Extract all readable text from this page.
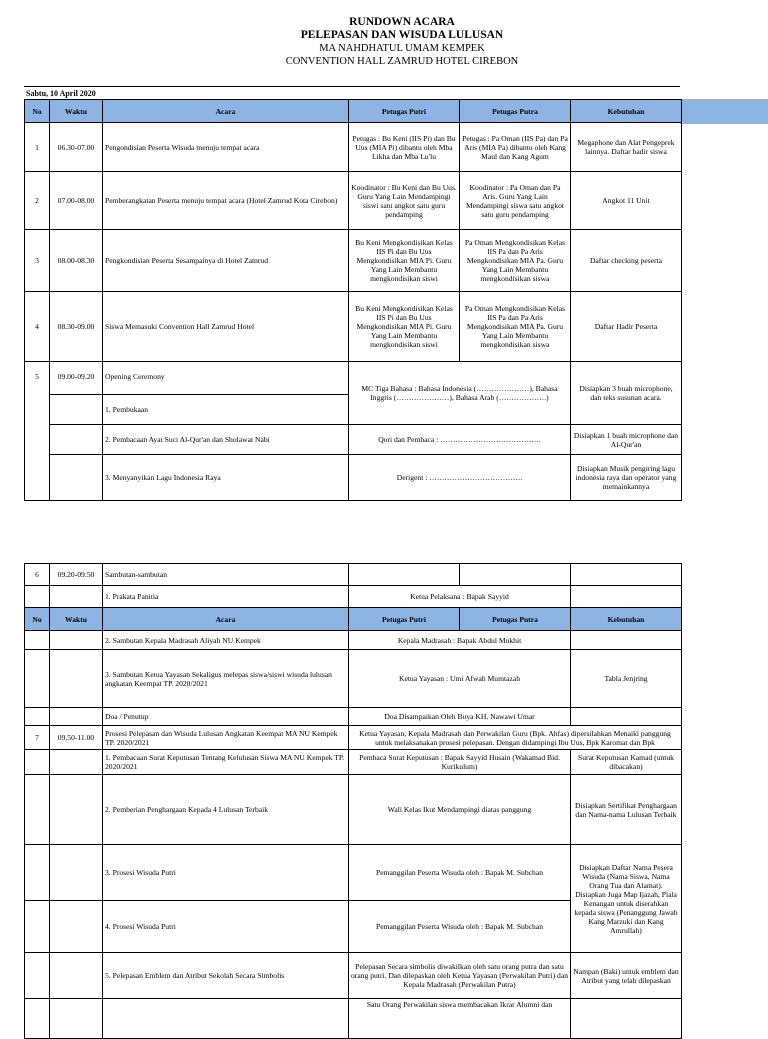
RUNDOWN ACARA
PELEPASAN DAN WISUDA LULUSAN
MA NAHDHATUL UMAM KEMPEK
CONVENTION HALL ZAMRUD HOTEL CIREBON
Sabtu, 10 April 2020
No	Waktu	Acara	Petugas Putri	Petugas Putra	Kebutuhan
1	06.30-07.00	Pengondisian Peserta Wisuda menuju tempat acara	Petugas : Bu Keni (IIS Pi) dan Bu Uus (MIA Pi) dibantu oleh Mba Likha dan Mba Lu'lu	Petugas : Pa Oman (IIS Pa) dan Pa Aris (MIA Pa) dibantu oleh Kang Maul dan Kang Agum	Megaphone dan Alat Pengeprek lainnya. Daftar hadir siswa
2	07.00-08.00	Pemberangkatan Peserta menuju tempat acara (Hotel Zamrud Kota Cirebon)	Koodinator : Bu Keni dan Bu Uus. Guru Yang Lain Mendampingi siswi satu angkot satu guru pendamping	Koodinator : Pa Oman dan Pa Aris. Guru Yang Lain Mendampingi siswa satu angkot satu guru pendamping	Angkot 11 Unit
3	08.00-08.30	Pengkondisian Peserta Sesampainya di Hotel Zamrud	Bu Keni Mengkondisikan Kelas IIS Pi dan Bu Uus Mengkondisikan MIA Pi. Guru Yang Lain Membantu mengkondisikan siswi	Pa Oman Mengkondisikan Kelas IIS Pa dan Pa Aris Mengkondisikan MIA Pa. Guru Yang Lain Membantu mengkondisikan siswa	Daftar checking peserta
4	08.30-09.00	Siswa Memasuki Convention Hall Zamrud Hotel	Bu Keni Mengkondisikan Kelas IIS Pi dan Bu Uus Mengkondisikan MIA Pi. Guru Yang Lain Membantu mengkondisikan siswi	Pa Oman Mengkondisikan Kelas IIS Pa dan Pa Aris Mengkondisikan MIA Pa. Guru Yang Lain Membantu mengkondisikan siswa	Daftar Hadir Peserta
5	09.00-09.20	Opening Ceremony	MC Tiga Bahasa : Bahasa Indonesia (…………………), Bahasa Inggris (…………………), Bahasa Arab (……………….)		Disiapkan 3 buah microphone, dan teks susunan acara.
		1. Pembukaan			
		2. Pembacaan Ayat Suci Al-Qur'an dan Sholawat Nabi	Qori dan Pembaca : ………………………………….		Disiapkan 1 buah microphone dan Al-Qur'an
		3. Menyanyikan Lagu Indonesia Raya	Derigent : ……………………………….		Disiapkan Musik pengiring lagu indonesia raya dan operator yang memainkannya
6	09.20-09.50	Sambutan-sambutan			
		1. Prakata Panitia	Ketua Pelaksana : Bapak Sayyid		
No	Waktu	Acara	Petugas Putri	Petugas Putra	Kebutuhan
		2. Sambutan Kepala Madrasah Aliyah NU Kempek	Kepala Madrasah : Bapak Abdul Mukhit		
		3. Sambutan Ketua Yayasan Sekaligus melepas siswa/siswi wisuda lulusan angkatan Keempat TP. 2020/2021	Ketua Yayasan : Umi Afwah Mumtazah		Tabla Jenjring
		Doa / Penutup	Doa Disampaikan Oleh Buya KH. Nawawi Umar		
7	09.50-11.00	Prosesi Pelepasan dan Wisuda Lulusan Angkatan Keempat MA NU Kempek TP. 2020/2021	Ketua Yayasan, Kepala Madrasah dan Perwakilan Guru (Bpk. Ahfas) dipersilahkan Menaiki panggung untuk melaksanakan prosesi pelepasan. Dengan didampingi Ibu Uus, Bpk Karomat dan Bpk		

		1. Pembacaan Surat Keputusan Tentang Kelulusan Siswa MA NU Kempek TP. 2020/2021	Pembaca Surat Keputusan : Bapak Sayyid Husain (Wakamad Bid. Kurikulum)		Surat Keputusan Kamad (untuk dibacakan)
		2. Pemberian Penghargaan Kepada 4 Lulusan Terbaik	Wali Kelas Ikut Mendampingi diatas panggung		Disiapkan Sertifikat Penghargaan dan Nama-nama Lulusan Terbaik
		3. Prosesi Wisuda Putri	Pemanggilan Peserta Wisuda oleh : Bapak M. Subchan		Disiapkan Daftar Nama Pesera Wisuda (Nama Siswa, Nama Orang Tua dan Alamat). Disiapkan Juga Map Ijazah, Piala Kenangan untuk diserahkan kepada siswa (Penanggung Jawab Kang Marzuki dan Kang Amrullah)
		4. Prosesi Wisuda Putri	Pemanggilan Peserta Wisuda oleh : Bapak M. Subchan		
		5. Pelepasan Emblem dan Atribut Sekolah Secara Simbolis	Pelepasan Secara simbolis diwakilkan oleh satu orang putra dan satu orang putri. Dan dilepaskan oleh Ketua Yayasan (Perwakilan Putri) dan Kepala Madrasah (Perwakilan Putra)		Nampan (Baki) untuk emblem dan Atribut yang telah dilepaskan
			Satu Orang Perwakilan siswa membacakan Ikrar Alumni dan		
